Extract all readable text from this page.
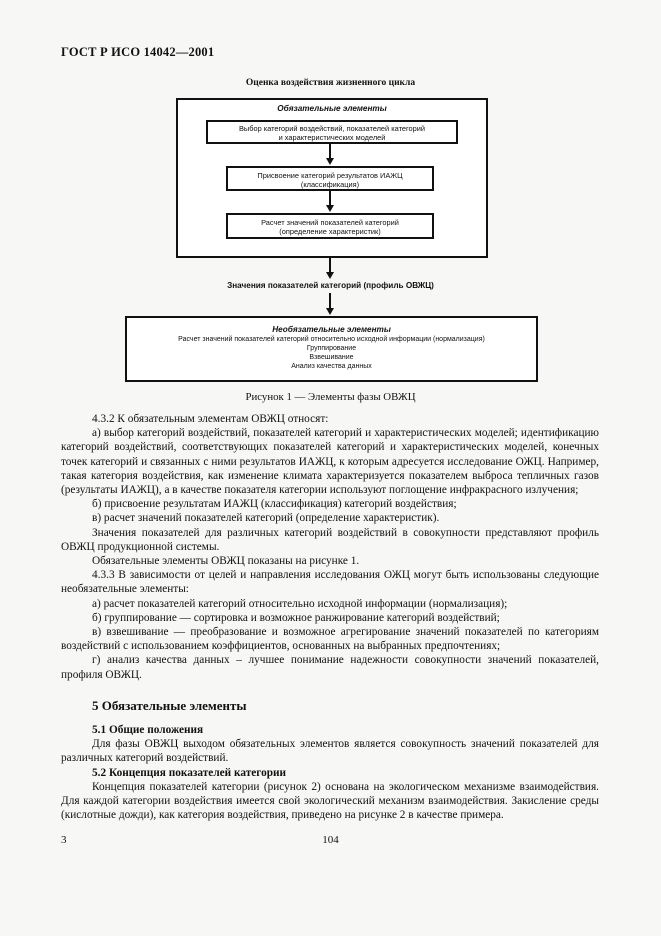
ГОСТ Р ИСО 14042—2001
Оценка воздействия жизненного цикла
Обязательные элементы
Выбор категорий воздействий, показателей категорий
и характеристических моделей
Присвоение категорий результатов ИАЖЦ
(классификация)
Расчет значений показателей категорий
(определение характеристик)
Значения показателей категорий (профиль ОВЖЦ)
Необязательные элементы
Расчет значений показателей категорий относительно исходной информации (нормализация)
Группирование
Взвешивание
Анализ качества данных
Рисунок 1 — Элементы фазы ОВЖЦ

4.3.2 К обязательным элементам ОВЖЦ относят:

а) выбор категорий воздействий, показателей категорий и характеристических моделей; идентификацию категорий воздействий, соответствующих показателей категорий и характеристических моделей, конечных точек категорий и связанных с ними результатов ИАЖЦ, к которым адресуется исследование ОЖЦ. Например, такая категория воздействия, как изменение климата характеризуется показателем выброса тепличных газов (результаты ИАЖЦ), а в качестве показателя категории используют поглощение инфракрасного излучения;

б) присвоение результатам ИАЖЦ (классификация) категорий воздействия;

в) расчет значений показателей категорий (определение характеристик).

Значения показателей для различных категорий воздействий в совокупности представляют профиль ОВЖЦ продукционной системы.

Обязательные элементы ОВЖЦ показаны на рисунке 1.

4.3.3 В зависимости от целей и направления исследования ОЖЦ могут быть использованы следующие необязательные элементы:

а) расчет показателей категорий относительно исходной информации (нормализация);

б) группирование — сортировка и возможное ранжирование категорий воздействий;

в) взвешивание — преобразование и возможное агрегирование значений показателей по категориям воздействий с использованием коэффициентов, основанных на выбранных предпочтениях;

г) анализ качества данных – лучшее понимание надежности совокупности значений показателей, профиля ОВЖЦ.

5 Обязательные элементы

5.1 Общие положения

Для фазы ОВЖЦ выходом обязательных элементов является совокупность значений показателей для различных категорий воздействий.

5.2 Концепция показателей категории

Концепция показателей категории (рисунок 2) основана на экологическом механизме взаимодействия. Для каждой категории воздействия имеется свой экологический механизм взаимодействия. Закисление среды (кислотные дожди), как категория воздействия, приведено на рисунке 2 в качестве примера.

3	104
